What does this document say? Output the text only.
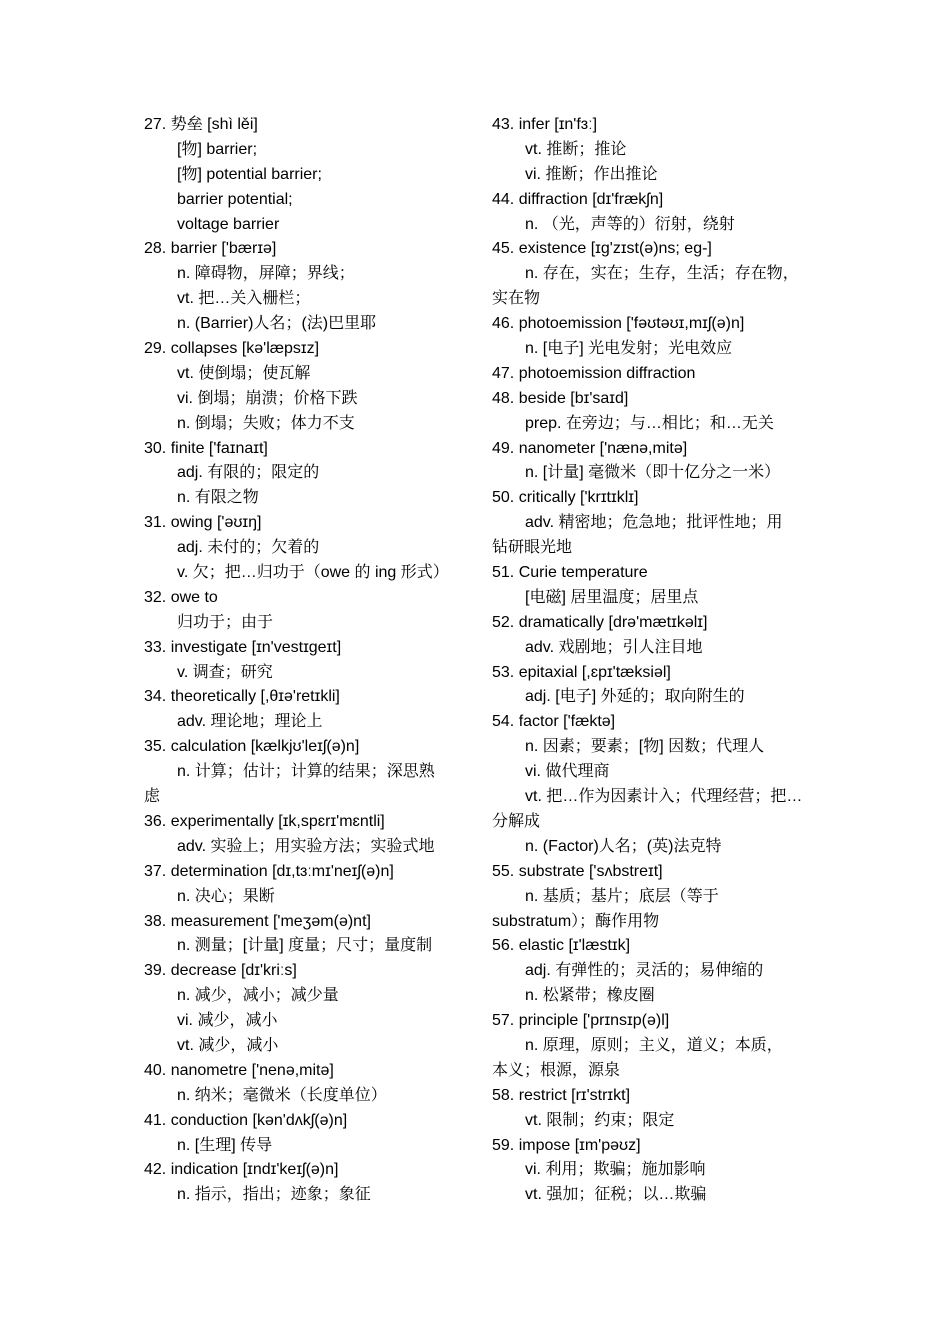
27. 势垒 [shì lěi]
[物] barrier;
[物] potential barrier;
barrier potential;
voltage barrier
28. barrier ['bærɪə]
n. 障碍物，屏障；界线；
vt. 把…关入栅栏；
n. (Barrier)人名；(法)巴里耶
29. collapses [kə'læpsɪz]
vt. 使倒塌；使瓦解
vi. 倒塌；崩溃；价格下跌
n. 倒塌；失败；体力不支
30. finite ['faɪnaɪt]
adj. 有限的；限定的
n. 有限之物
31. owing ['əʊɪŋ]
adj. 未付的；欠着的
v. 欠；把…归功于（owe 的 ing 形式）
32. owe to
归功于；由于
33. investigate [ɪn'vestɪgeɪt]
v. 调查；研究
34. theoretically [,θɪə'retɪkli]
adv. 理论地；理论上
35. calculation [kælkjʊ'leɪʃ(ə)n]
n. 计算；估计；计算的结果；深思熟
虑
36. experimentally [ɪk,spɛrɪ'mɛntli]
adv. 实验上；用实验方法；实验式地
37. determination [dɪ,tɜːmɪ'neɪʃ(ə)n]
n. 决心；果断
38. measurement ['meʒəm(ə)nt]
n. 测量；[计量] 度量；尺寸；量度制
39. decrease [dɪ'kriːs]
n. 减少，减小；减少量
vi. 减少，减小
vt. 减少，减小
40. nanometre ['nenə,mitə]
n. 纳米；毫微米（长度单位）
41. conduction [kən'dʌkʃ(ə)n]
n. [生理] 传导
42. indication [ɪndɪ'keɪʃ(ə)n]
n. 指示，指出；迹象；象征
43. infer [ɪn'fɜː]
vt. 推断；推论
vi. 推断；作出推论
44. diffraction [dɪ'frækʃn]
n. （光，声等的）衍射，绕射
45. existence [ɪg'zɪst(ə)ns; eg-]
n. 存在，实在；生存，生活；存在物，
实在物
46. photoemission ['fəʊtəʊɪ,mɪʃ(ə)n]
n. [电子] 光电发射；光电效应
47. photoemission diffraction
48. beside [bɪ'saɪd]
prep. 在旁边；与…相比；和…无关
49. nanometer ['nænə,mitə]
n. [计量] 毫微米（即十亿分之一米）
50. critically ['krɪtɪklɪ]
adv. 精密地；危急地；批评性地；用
钻研眼光地
51. Curie temperature
[电磁] 居里温度；居里点
52. dramatically [drə'mætɪkəlɪ]
adv. 戏剧地；引人注目地
53. epitaxial [,ɛpɪ'tæksiəl]
adj. [电子] 外延的；取向附生的
54. factor ['fæktə]
n. 因素；要素；[物] 因数；代理人
vi. 做代理商
vt. 把…作为因素计入；代理经营；把…
分解成
n. (Factor)人名；(英)法克特
55. substrate ['sʌbstreɪt]
n. 基质；基片；底层（等于
substratum）；酶作用物
56. elastic [ɪ'læstɪk]
adj. 有弹性的；灵活的；易伸缩的
n. 松紧带；橡皮圈
57. principle ['prɪnsɪp(ə)l]
n. 原理，原则；主义，道义；本质，
本义；根源，源泉
58. restrict [rɪ'strɪkt]
vt. 限制；约束；限定
59. impose [ɪm'pəʊz]
vi. 利用；欺骗；施加影响
vt. 强加；征税；以…欺骗
